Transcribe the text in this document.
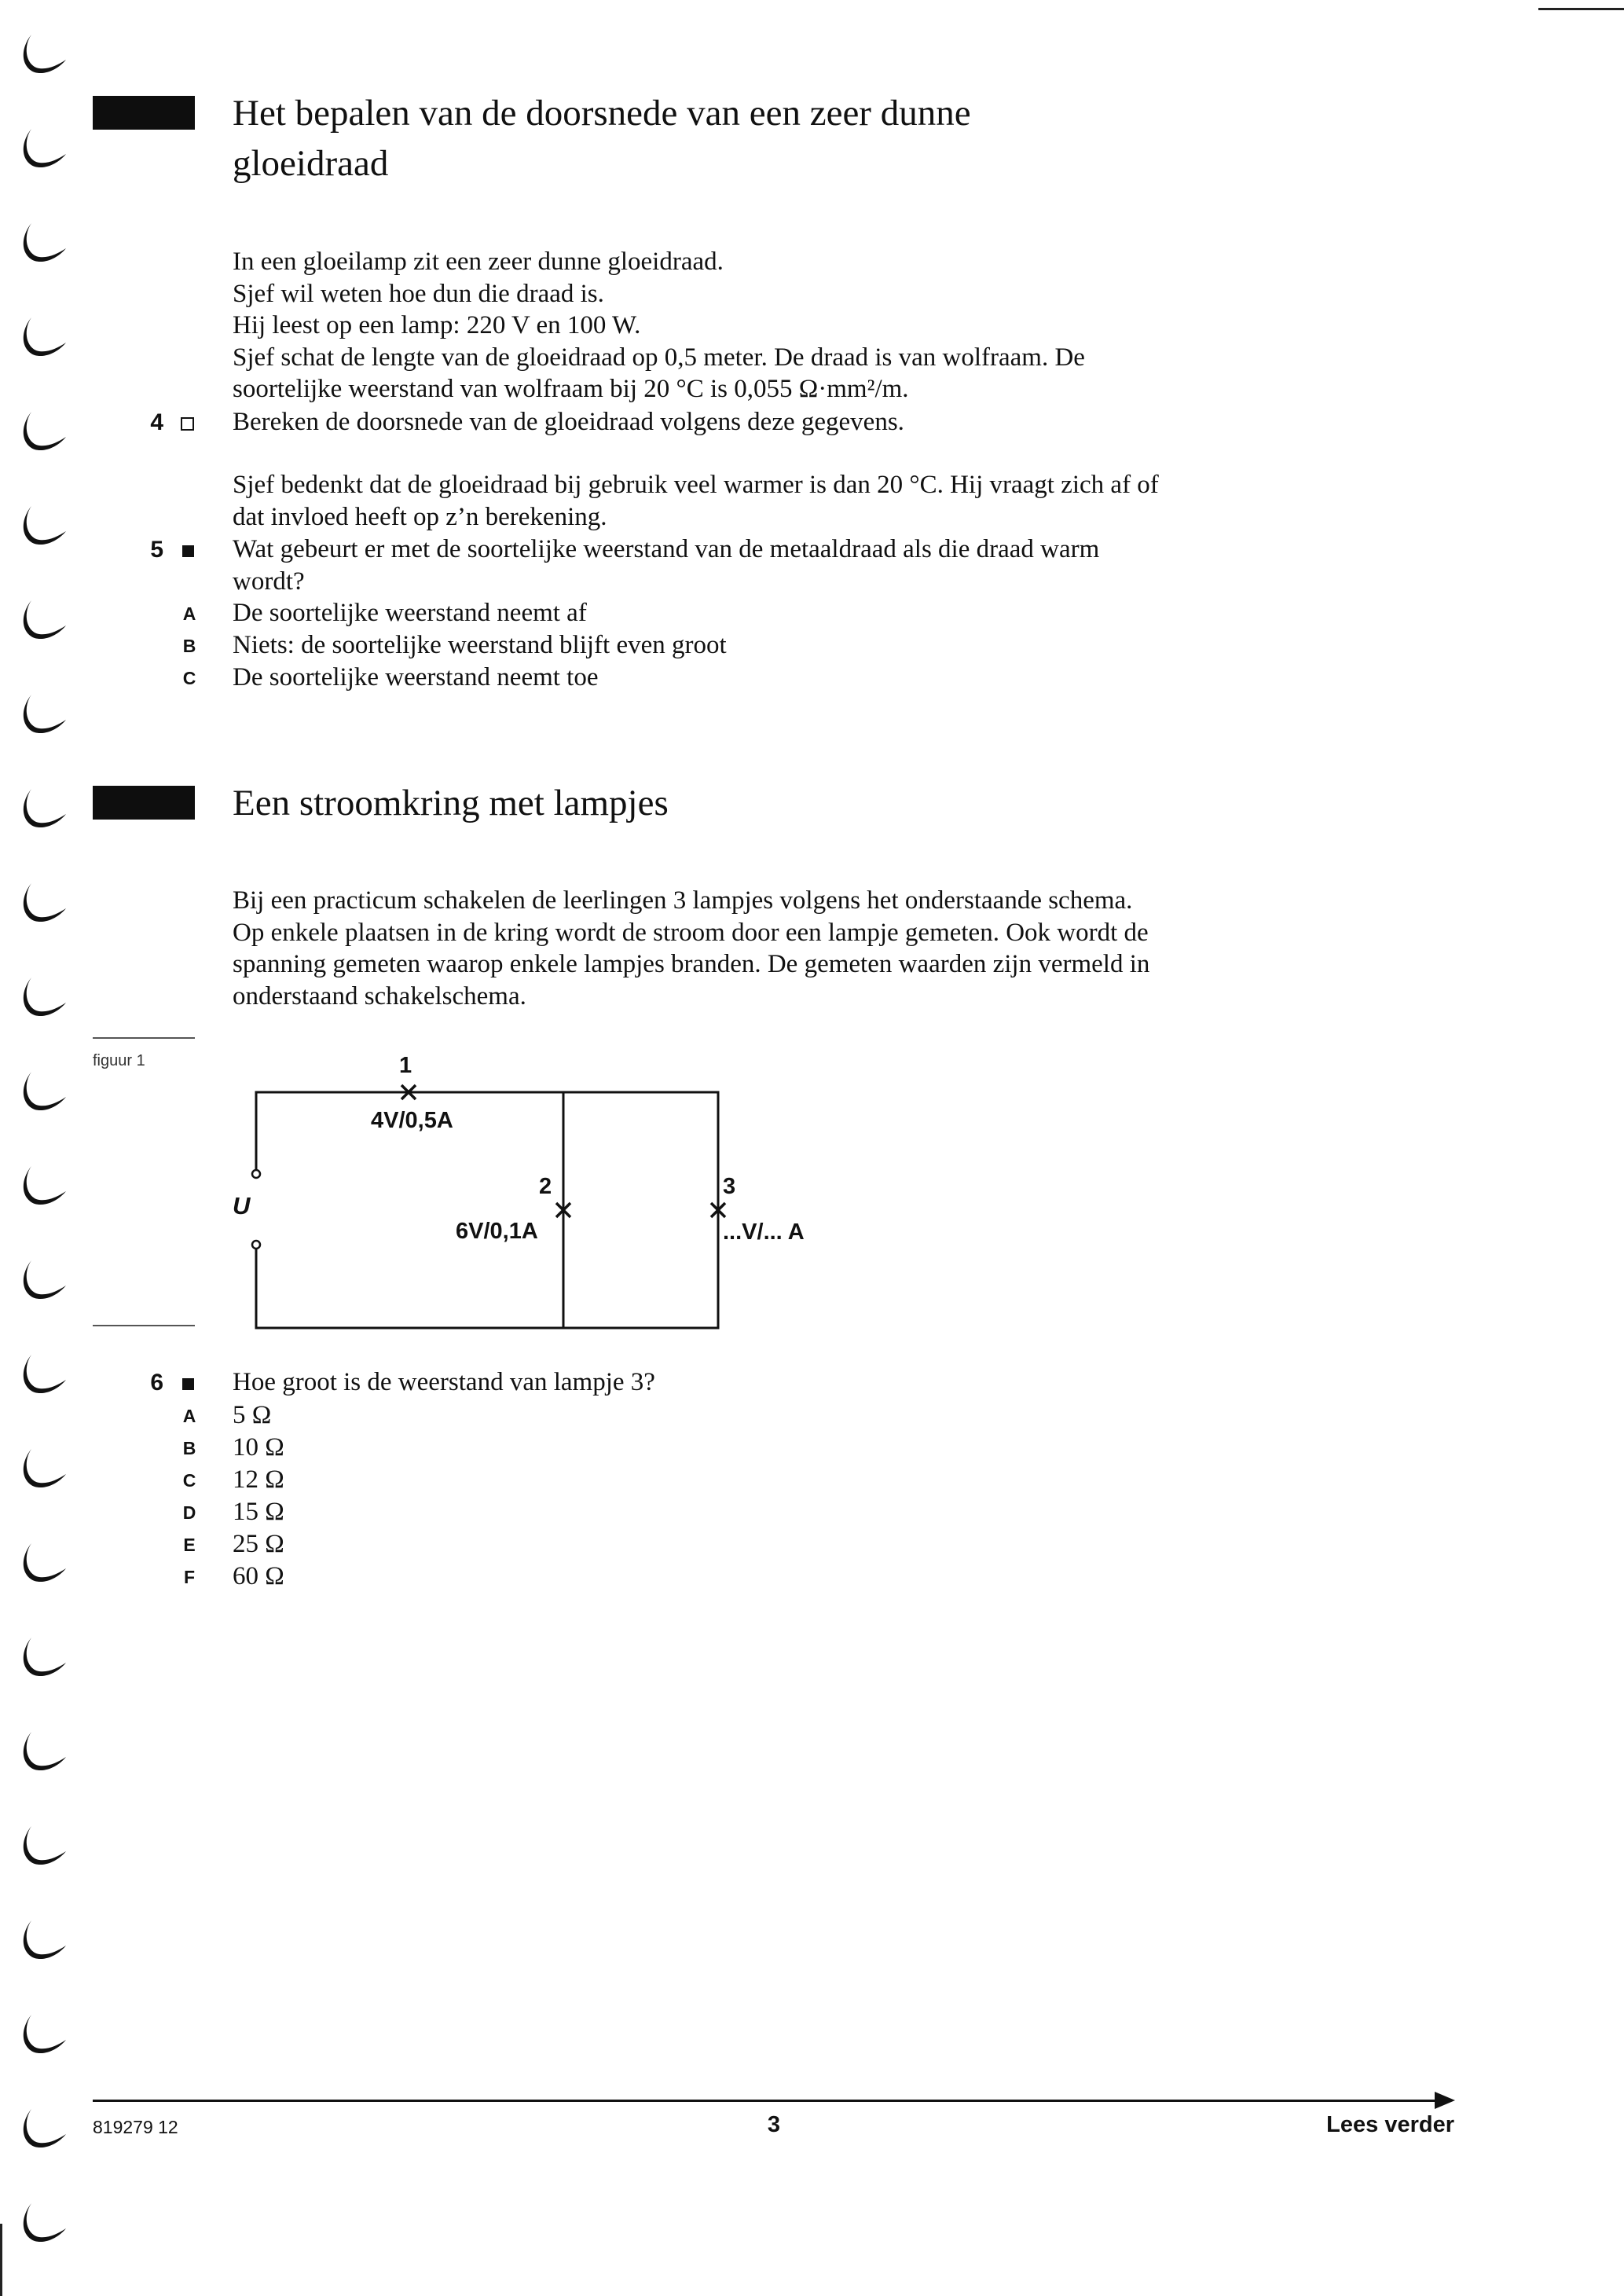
Het bepalen van de doorsnede van een zeer dunne
gloeidraad
In een gloeilamp zit een zeer dunne gloeidraad.
Sjef wil weten hoe dun die draad is.
Hij leest op een lamp: 220 V en 100 W.
Sjef schat de lengte van de gloeidraad op 0,5 meter. De draad is van wolfraam. De
soortelijke weerstand van wolfraam bij 20 °C is 0,055 Ω·mm²/m.
4	Bereken de doorsnede van de gloeidraad volgens deze gegevens.
Sjef bedenkt dat de gloeidraad bij gebruik veel warmer is dan 20 °C. Hij vraagt zich af of
dat invloed heeft op z’n berekening.
5	Wat gebeurt er met de soortelijke weerstand van de metaaldraad als die draad warm
wordt?
A De soortelijke weerstand neemt af
B Niets: de soortelijke weerstand blijft even groot
C De soortelijke weerstand neemt toe
Een stroomkring met lampjes
Bij een practicum schakelen de leerlingen 3 lampjes volgens het onderstaande schema.
Op enkele plaatsen in de kring wordt de stroom door een lampje gemeten. Ook wordt de
spanning gemeten waarop enkele lampjes branden. De gemeten waarden zijn vermeld in
onderstaand schakelschema.
figuur 1	1
4V/0,5A
2
6V/0,1A
3
...V/... A
U
6	Hoe groot is de weerstand van lampje 3?
A 5 Ω
B 10 Ω
C 12 Ω
D 15 Ω
E 25 Ω
F 60 Ω
819279 12	3	Lees verder
